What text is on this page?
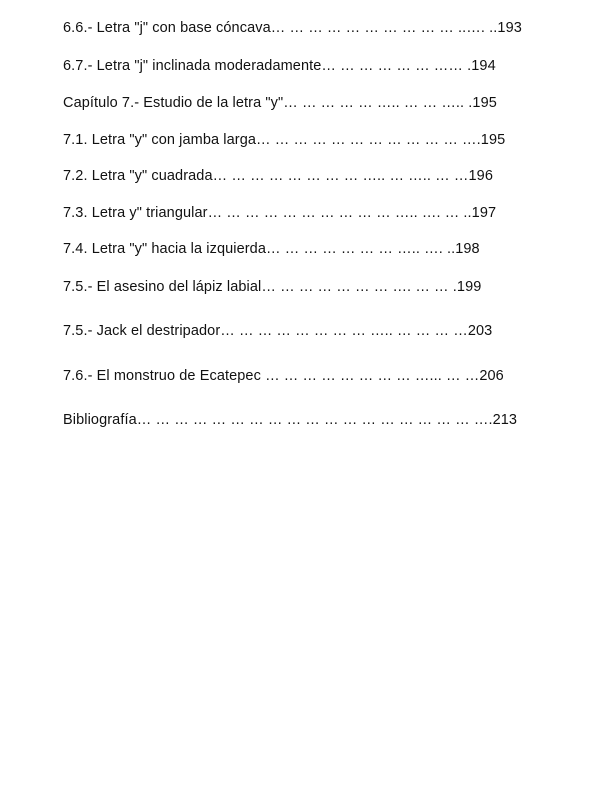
6.6.- Letra "j" con base cóncava… … … … … … … … … … ..…. ..193
6.7.- Letra "j" inclinada moderadamente… … … … … … …… .194
Capítulo 7.- Estudio de la letra "y"… … … … … ….. … … ….. .195
7.1. Letra "y" con jamba larga… … … … … … … … … … … ….195
7.2. Letra "y" cuadrada… … … … … … … … ….. … ….. … …196
7.3. Letra y" triangular… … … … … … … … … … ….. …. … ..197
7.4. Letra "y" hacia la izquierda… … … … … … … ….. …. ..198
7.5.- El asesino del lápiz labial… … … … … … … …. … … .199
7.5.- Jack el destripador… … … … … … … … ….. … … … …203
7.6.- El monstruo de Ecatepec … … … … … … … … …... … …206
Bibliografía… … … … … … … … … … … … … … … … … … ….213
